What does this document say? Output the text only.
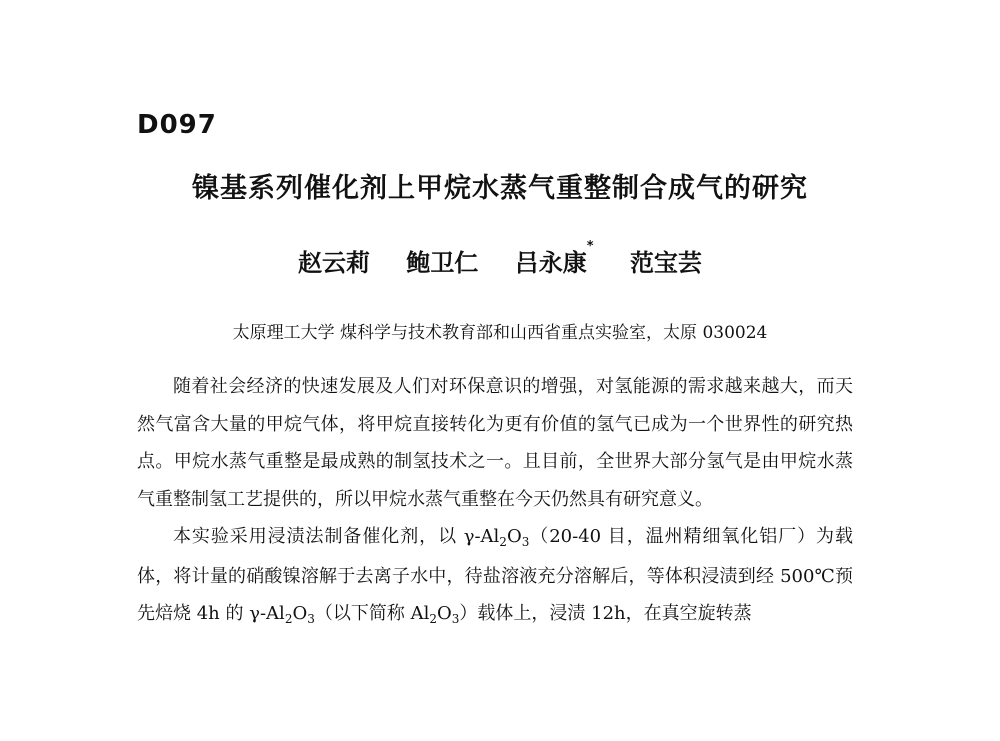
D097
镍基系列催化剂上甲烷水蒸气重整制合成气的研究
赵云莉 鲍卫仁 吕永康* 范宝芸

太原理工大学 煤科学与技术教育部和山西省重点实验室，太原 030024

随着社会经济的快速发展及人们对环保意识的增强，对氢能源的需求越来越大，而天然气富含大量的甲烷气体，将甲烷直接转化为更有价值的氢气已成为一个世界性的研究热点。甲烷水蒸气重整是最成熟的制氢技术之一。且目前，全世界大部分氢气是由甲烷水蒸气重整制氢工艺提供的，所以甲烷水蒸气重整在今天仍然具有研究意义。

本实验采用浸渍法制备催化剂，以 $\gamma-Al_2O_3(20-40$ 目，温州精细氧化铝厂）为载体，将计量的硝酸镍溶解于去离子水中，待盐溶液充分溶解后，等体积浸渍到经 500℃预先焙烧 4h 的 $\gamma-Al_2O_3$（以下简称 $Al_2O_3$）载体上，浸渍 12h，在真空旋转蒸
